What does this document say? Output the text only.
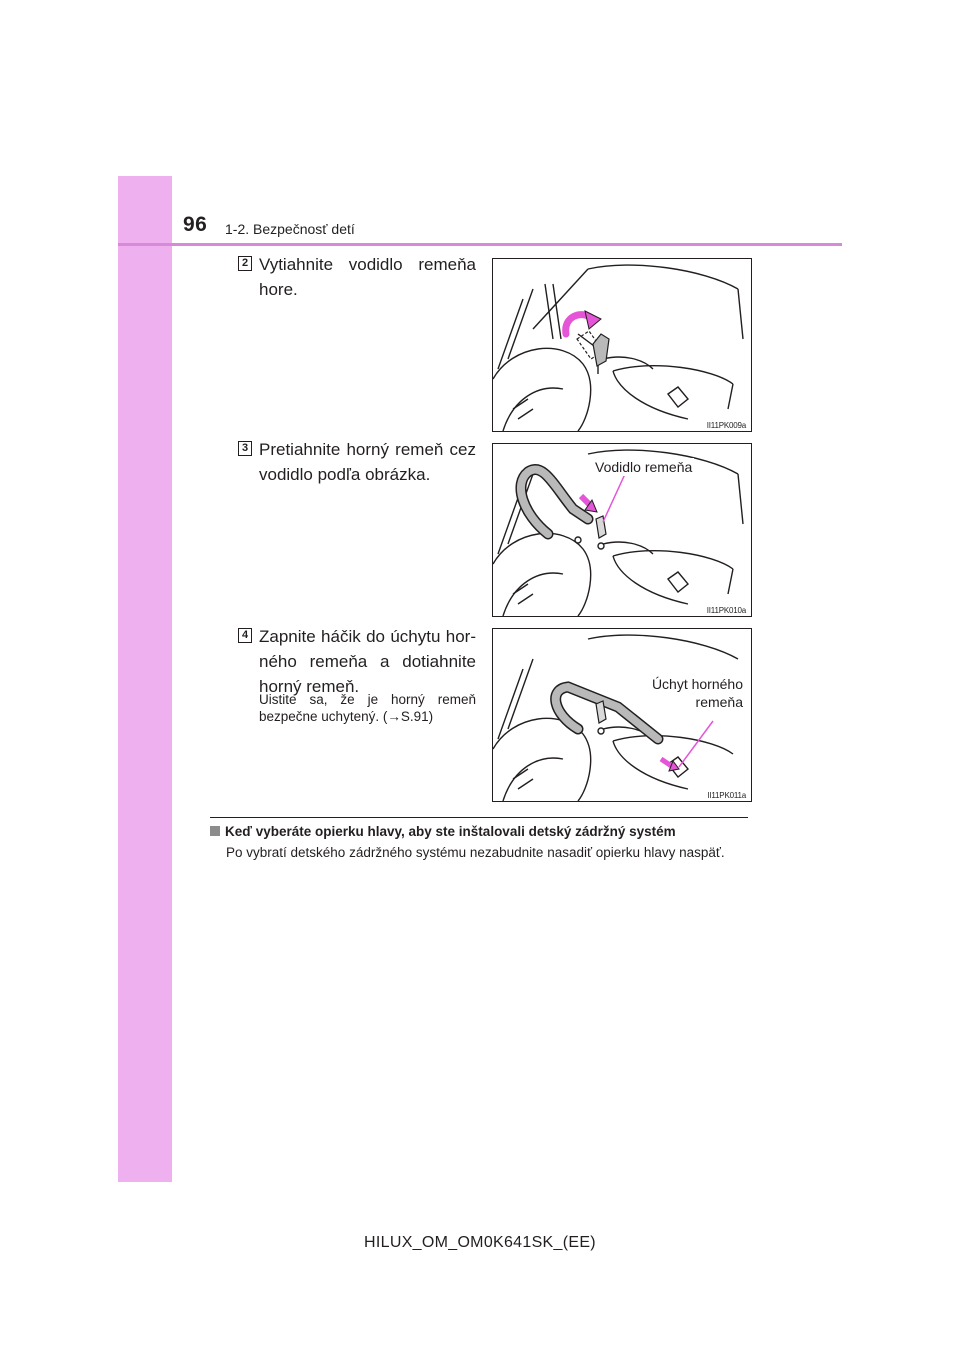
96 1-2. Bezpečnosť detí
2 Vytiahnite vodidlo remeňa hore.
II11PK009a
3 Pretiahnite horný remeň cez vodidlo podľa obrázka.	Vodidlo remeňa
II11PK010a
4 Zapnite háčik do úchytu hor-ného remeňa a dotiahnite horný remeň.
Uistite sa, že je horný remeň bezpečne uchytený. (→S.91)
Úchyt horného
remeňa
II11PK011a
Keď vyberáte opierku hlavy, aby ste inštalovali detský zádržný systém
Po vybratí detského zádržného systému nezabudnite nasadiť opierku hlavy naspäť.
HILUX_OM_OM0K641SK_(EE)
